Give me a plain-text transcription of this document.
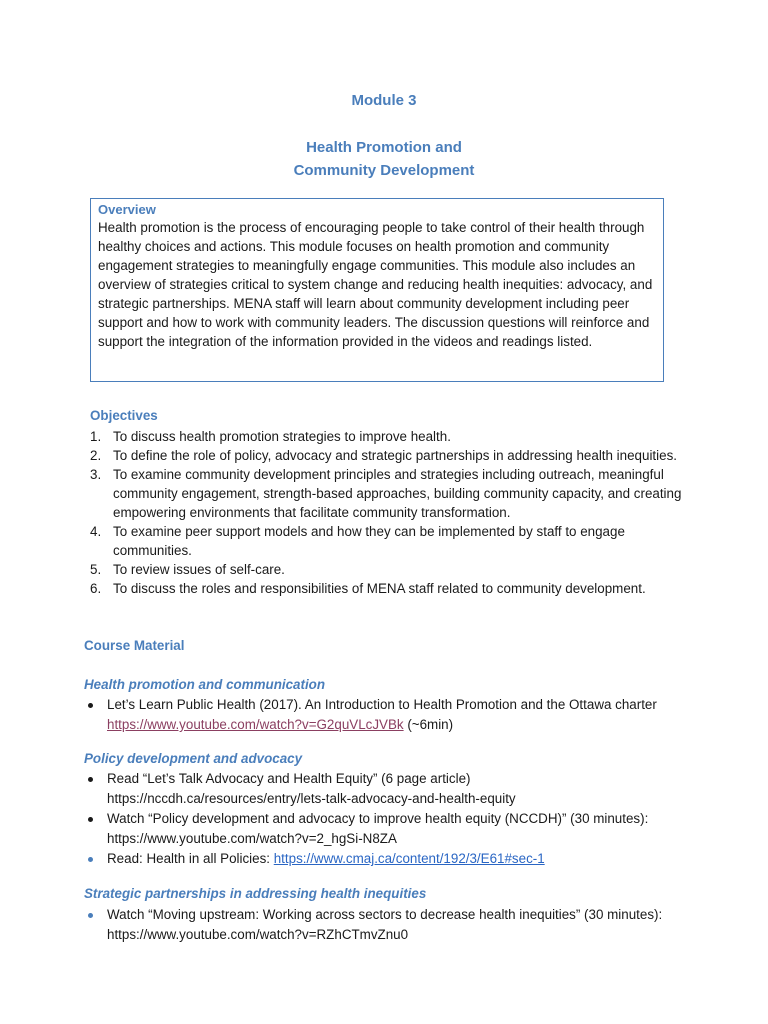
Module 3
Health Promotion and
Community Development
Overview
Health promotion is the process of encouraging people to take control of their health through healthy choices and actions. This module focuses on health promotion and community engagement strategies to meaningfully engage communities. This module also includes an overview of strategies critical to system change and reducing health inequities: advocacy, and strategic partnerships. MENA staff will learn about community development including peer support and how to work with community leaders. The discussion questions will reinforce and support the integration of the information provided in the videos and readings listed.
Objectives
1. To discuss health promotion strategies to improve health.
2. To define the role of policy, advocacy and strategic partnerships in addressing health inequities.
3. To examine community development principles and strategies including outreach, meaningful community engagement, strength-based approaches, building community capacity, and creating empowering environments that facilitate community transformation.
4. To examine peer support models and how they can be implemented by staff to engage communities.
5. To review issues of self-care.
6. To discuss the roles and responsibilities of MENA staff related to community development.
Course Material
Health promotion and communication
Let’s Learn Public Health (2017). An Introduction to Health Promotion and the Ottawa charter
https://www.youtube.com/watch?v=G2quVLcJVBk (~6min)
Policy development and advocacy
Read “Let’s Talk Advocacy and Health Equity” (6 page article)
https://nccdh.ca/resources/entry/lets-talk-advocacy-and-health-equity
Watch “Policy development and advocacy to improve health equity (NCCDH)” (30 minutes):
https://www.youtube.com/watch?v=2_hgSi-N8ZA
Read: Health in all Policies: https://www.cmaj.ca/content/192/3/E61#sec-1
Strategic partnerships in addressing health inequities
Watch “Moving upstream: Working across sectors to decrease health inequities” (30 minutes):
https://www.youtube.com/watch?v=RZhCTmvZnu0
